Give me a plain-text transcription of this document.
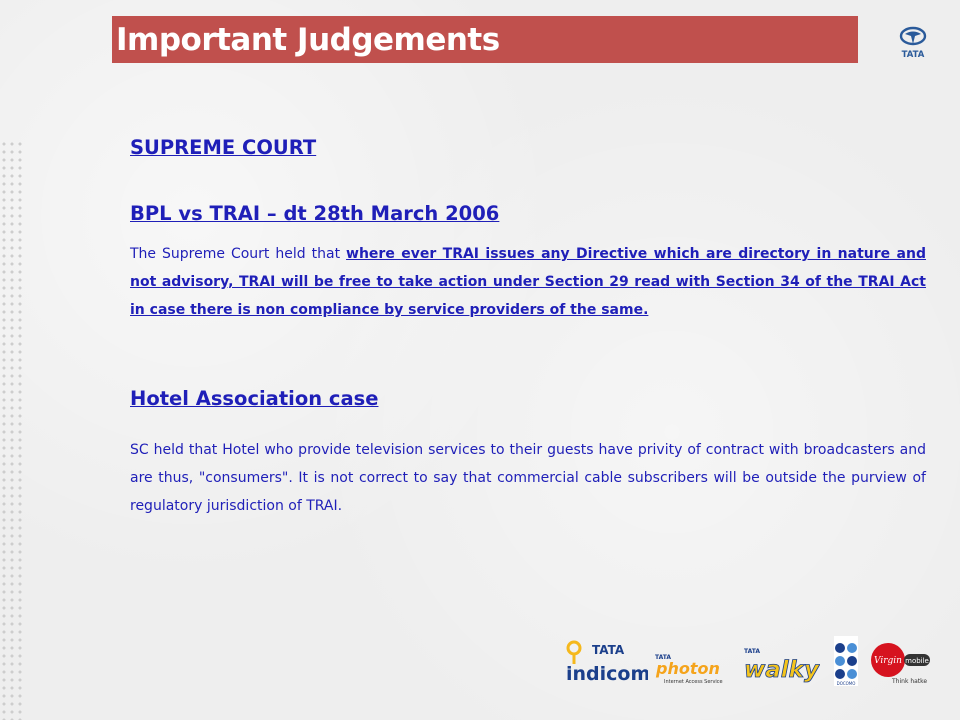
Important Judgements	TATA
SUPREME COURT
BPL vs TRAI – dt 28th March 2006

The Supreme Court held that where ever TRAI issues any Directive which are directory in nature and not advisory, TRAI will be free to take action under Section 29 read with Section 34 of the TRAI Act in case there is non compliance by service providers of the same.

Hotel Association case

SC held that Hotel who provide television services to their guests have privity of contract with broadcasters and are thus, "consumers". It is not correct to say that commercial cable subscribers will be outside the purview of regulatory jurisdiction of TRAI.

TATA
indicom
TATA
photon
Internet Access Service
TATA
walky
DOCOMO
Virgin mobile
Think hatke
